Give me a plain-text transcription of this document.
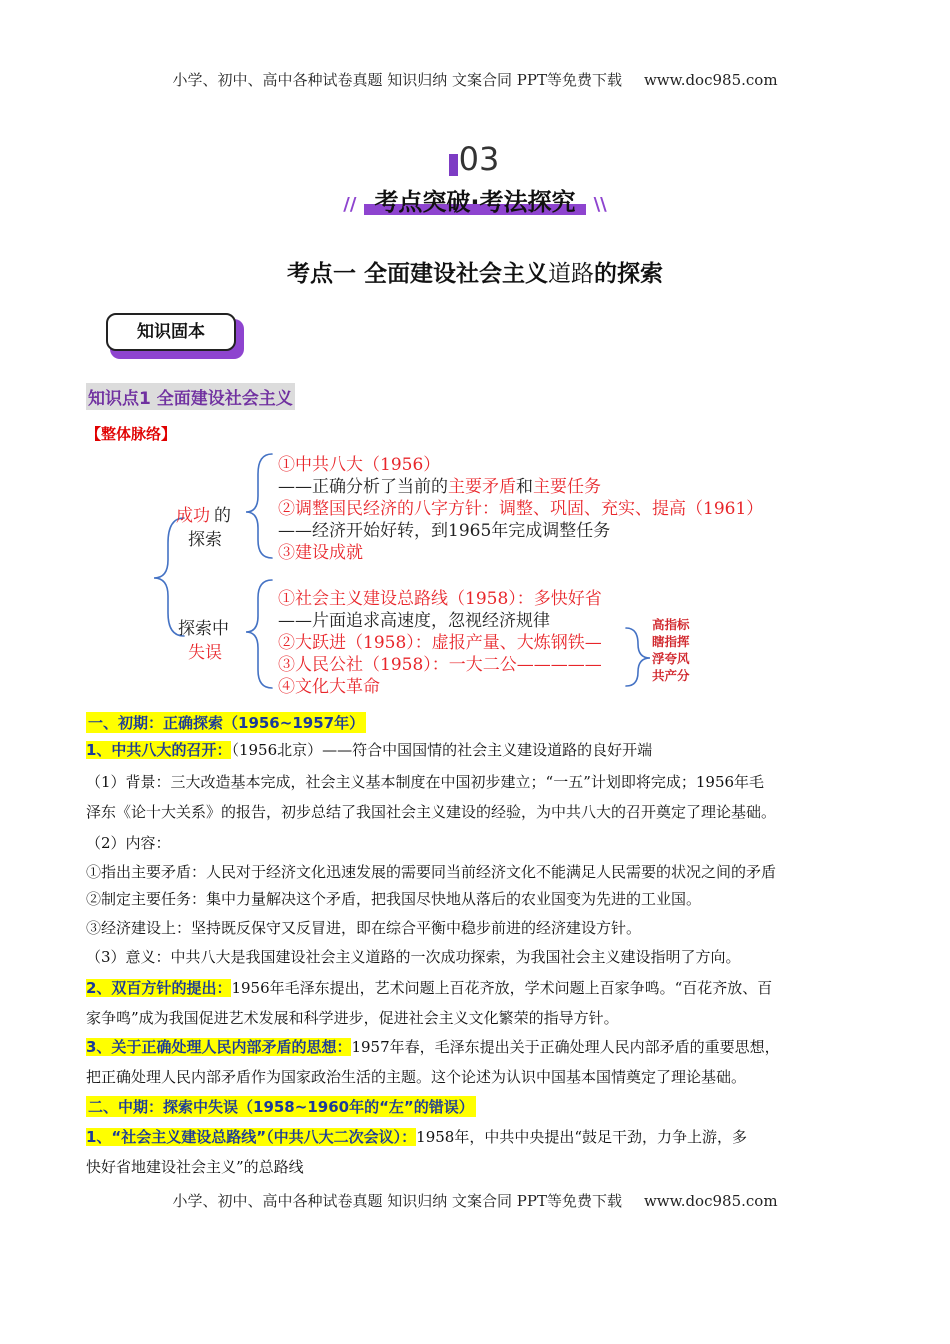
小学、初中、高中各种试卷真题 知识归纳 文案合同 PPT等免费下载 www.doc985.com
03
// 考点突破·考法探究 \\
考点一 全面建设社会主义道路的探索
知识固本
知识点1 全面建设社会主义
【整体脉络】
成功 的
探索
探索中
失误
①中共八大（1956）
——正确分析了当前的主要矛盾和主要任务
②调整国民经济的八字方针：调整、巩固、充实、提高（1961）
——经济开始好转，到1965年完成调整任务
③建设成就
①社会主义建设总路线（1958）：多快好省
——片面追求高速度，忽视经济规律
②大跃进（1958）：虚报产量、大炼钢铁—
③人民公社（1958）：一大二公—————
④文化大革命
高指标
瞎指挥
浮夸风
共产分
一、初期：正确探索（1956~1957年）
1、中共八大的召开：（1956北京）——符合中国国情的社会主义建设道路的良好开端
（1）背景：三大改造基本完成，社会主义基本制度在中国初步建立；“一五”计划即将完成；1956年毛
泽东《论十大关系》的报告，初步总结了我国社会主义建设的经验，为中共八大的召开奠定了理论基础。
（2）内容：
①指出主要矛盾：人民对于经济文化迅速发展的需要同当前经济文化不能满足人民需要的状况之间的矛盾
②制定主要任务：集中力量解决这个矛盾，把我国尽快地从落后的农业国变为先进的工业国。
③经济建设上：坚持既反保守又反冒进，即在综合平衡中稳步前进的经济建设方针。
（3）意义：中共八大是我国建设社会主义道路的一次成功探索，为我国社会主义建设指明了方向。
2、双百方针的提出：1956年毛泽东提出，艺术问题上百花齐放，学术问题上百家争鸣。“百花齐放、百
家争鸣”成为我国促进艺术发展和科学进步，促进社会主义文化繁荣的指导方针。
3、关于正确处理人民内部矛盾的思想：1957年春，毛泽东提出关于正确处理人民内部矛盾的重要思想，
把正确处理人民内部矛盾作为国家政治生活的主题。这个论述为认识中国基本国情奠定了理论基础。
二、中期：探索中失误（1958~1960年的“左”的错误）
1、“社会主义建设总路线”（中共八大二次会议）：1958年，中共中央提出“鼓足干劲，力争上游，多
快好省地建设社会主义”的总路线
小学、初中、高中各种试卷真题 知识归纳 文案合同 PPT等免费下载 www.doc985.com
